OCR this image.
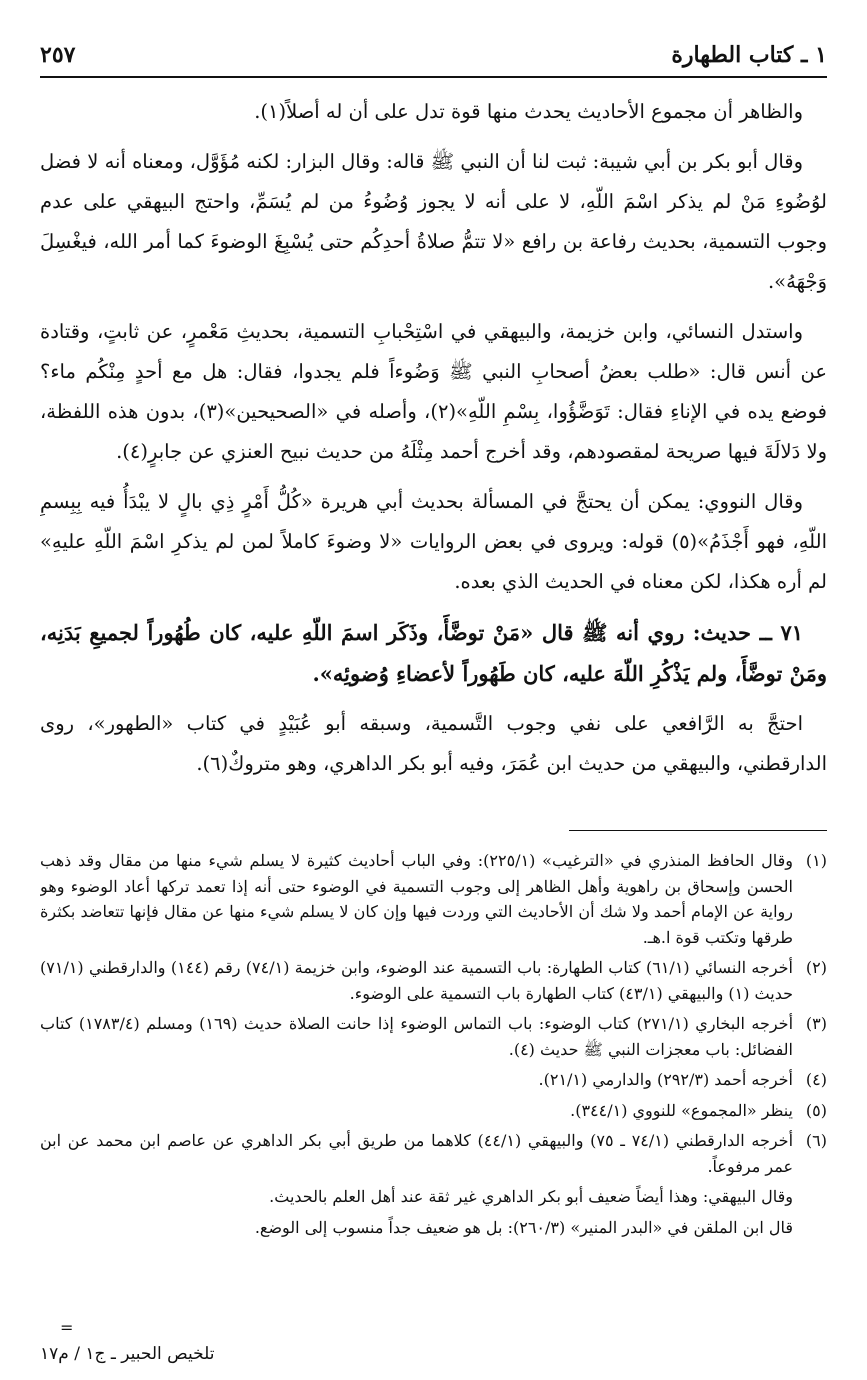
١ ـ كتاب الطهارة
٢٥٧

والظاهر أن مجموع الأحاديث يحدث منها قوة تدل على أن له أصلاً(١).

وقال أبو بكر بن أبي شيبة: ثبت لنا أن النبي ﷺ قاله: وقال البزار: لكنه مُؤَوَّل، ومعناه أنه لا فضل لوُضُوءِ مَنْ لم يذكر اسْمَ اللّهِ، لا على أنه لا يجوز وُضُوءُ من لم يُسَمِّ، واحتج البيهقي على عدم وجوب التسمية، بحديث رفاعة بن رافع «لا تتمُّ صلاةُ أحدِكُم حتى يُسْبِغَ الوضوءَ كما أمر الله، فيغْسِلَ وَجْهَهُ».

واستدل النسائي، وابن خزيمة، والبيهقي في اسْتِحْبابِ التسمية، بحديثِ مَعْمرٍ، عن ثابتٍ، وقتادة عن أنس قال: «طلب بعضُ أصحابِ النبي ﷺ وَضُوءاً فلم يجدوا، فقال: هل مع أحدٍ مِنْكُم ماء؟ فوضع يده في الإناءِ فقال: تَوَضَّؤُوا، بِسْمِ اللّهِ»(٢)، وأصله في «الصحيحين»(٣)، بدون هذه اللفظة، ولا دَلالَةَ فيها صريحة لمقصودهم، وقد أخرج أحمد مِثْلَهُ من حديث نبيح العنزي عن جابرٍ(٤).

وقال النووي: يمكن أن يحتجَّ في المسألة بحديث أبي هريرة «كُلُّ أَمْرٍ ذِي بالٍ لا يبْدَأُ فيه بِبِسمِ اللّهِ، فهو أَجْذَمُ»(٥) قوله: ويروى في بعض الروايات «لا وضوءَ كاملاً لمن لم يذكرِ اسْمَ اللّهِ عليهِ» لم أره هكذا، لكن معناه في الحديث الذي بعده.

٧١ ــ حديث: روي أنه ﷺ قال «مَنْ توضَّأَ، وذَكَر اسمَ اللّهِ عليه، كان طُهُوراً لجميعِ بَدَنِه، ومَنْ توضَّأَ، ولم يَذْكُرِ اللّهَ عليه، كان طَهُوراً لأعضاءِ وُضوئِه».

احتجَّ به الرَّافعي على نفي وجوب التَّسمية، وسبقه أبو عُبَيْدٍ في كتاب «الطهور»، روى الدارقطني، والبيهقي من حديث ابن عُمَرَ، وفيه أبو بكر الداهري، وهو متروكٌ(٦).

(١)وقال الحافظ المنذري في «الترغيب» (٢٢٥/١): وفي الباب أحاديث كثيرة لا يسلم شيء منها من مقال وقد ذهب الحسن وإسحاق بن راهوية وأهل الظاهر إلى وجوب التسمية في الوضوء حتى أنه إذا تعمد تركها أعاد الوضوء وهو رواية عن الإمام أحمد ولا شك أن الأحاديث التي وردت فيها وإن كان لا يسلم شيء منها عن مقال فإنها تتعاضد بكثرة طرقها وتكتب قوة ا.هـ.
(٢)أخرجه النسائي (٦١/١) كتاب الطهارة: باب التسمية عند الوضوء، وابن خزيمة (٧٤/١) رقم (١٤٤) والدارقطني (٧١/١) حديث (١) والبيهقي (٤٣/١) كتاب الطهارة باب التسمية على الوضوء.
(٣)أخرجه البخاري (٢٧١/١) كتاب الوضوء: باب التماس الوضوء إذا حانت الصلاة حديث (١٦٩) ومسلم (١٧٨٣/٤) كتاب الفضائل: باب معجزات النبي ﷺ حديث (٤).
(٤)أخرجه أحمد (٢٩٢/٣) والدارمي (٢١/١).
(٥)ينظر «المجموع» للنووي (٣٤٤/١).
(٦)أخرجه الدارقطني (٧٤/١ ـ ٧٥) والبيهقي (٤٤/١) كلاهما من طريق أبي بكر الداهري عن عاصم ابن محمد عن ابن عمر مرفوعاً.
وقال البيهقي: وهذا أيضاً ضعيف أبو بكر الداهري غير ثقة عند أهل العلم بالحديث.
قال ابن الملقن في «البدر المنير» (٢٦٠/٣): بل هو ضعيف جداً منسوب إلى الوضع.
=
تلخيص الحبير ـ ج١ / م١٧
